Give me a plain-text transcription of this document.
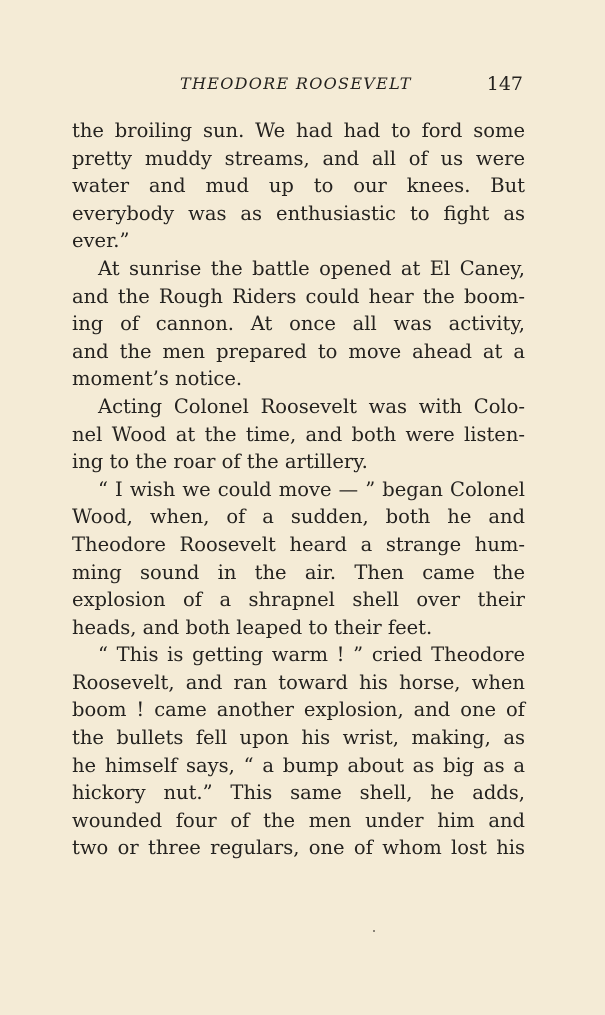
THEODORE ROOSEVELT	147
the broiling sun. We had had to ford some
pretty muddy streams, and all of us were
water and mud up to our knees. But
everybody was as enthusiastic to fight as
ever.”
At sunrise the battle opened at El Caney,
and the Rough Riders could hear the boom-
ing of cannon. At once all was activity,
and the men prepared to move ahead at a
moment’s notice.
Acting Colonel Roosevelt was with Colo-
nel Wood at the time, and both were listen-
ing to the roar of the artillery.
“ I wish we could move — ” began Colonel
Wood, when, of a sudden, both he and
Theodore Roosevelt heard a strange hum-
ming sound in the air. Then came the
explosion of a shrapnel shell over their
heads, and both leaped to their feet.
“ This is getting warm ! ” cried Theodore
Roosevelt, and ran toward his horse, when
boom ! came another explosion, and one of
the bullets fell upon his wrist, making, as
he himself says, “ a bump about as big as a
hickory nut.” This same shell, he adds,
wounded four of the men under him and
two or three regulars, one of whom lost his
